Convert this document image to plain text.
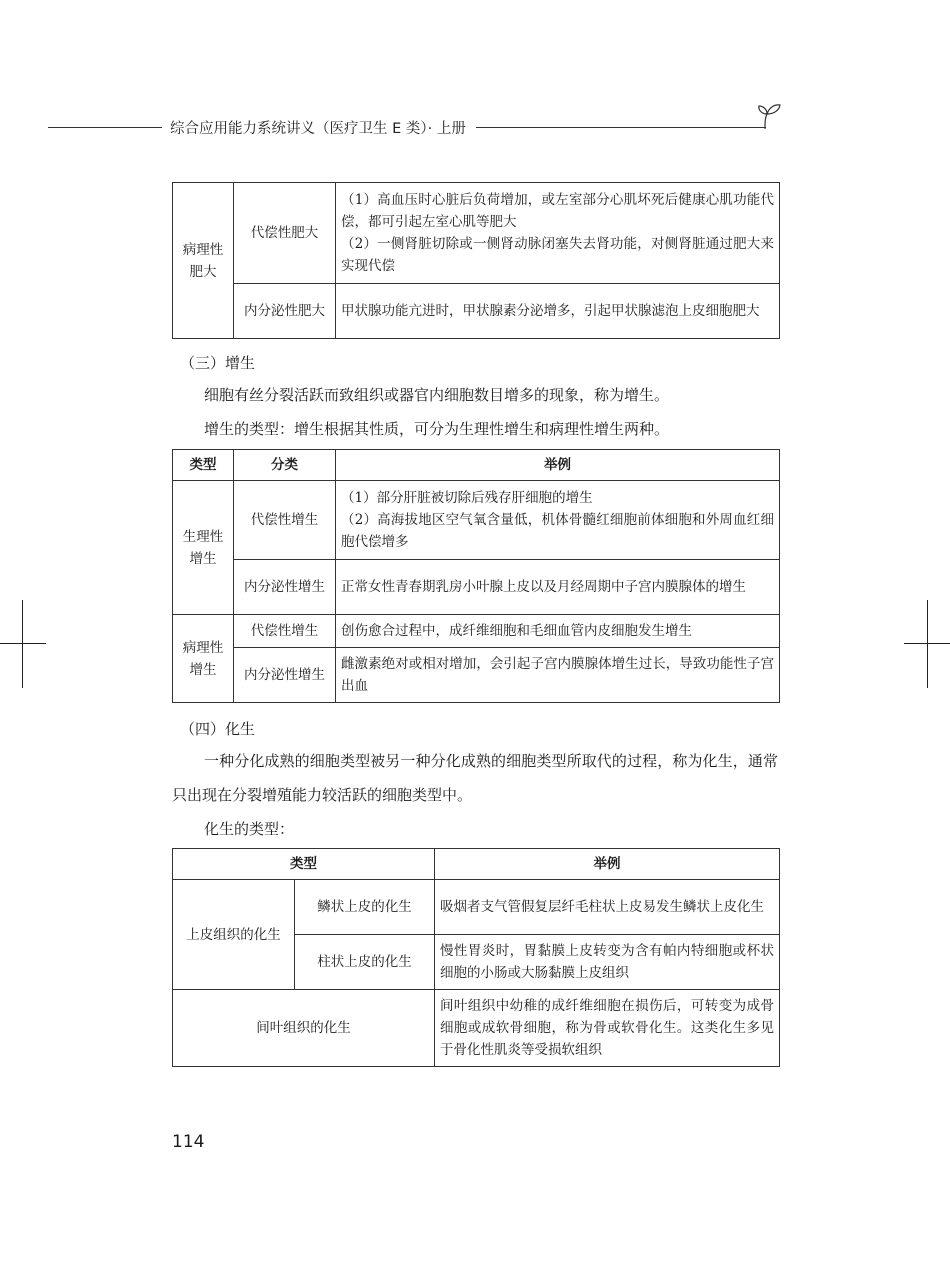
综合应用能力系统讲义（医疗卫生 E 类）· 上册
病理性
肥大	代偿性肥大	（1）高血压时心脏后负荷增加，或左室部分心肌坏死后健康心肌功能代偿，都可引起左室心肌等肥大
（2）一侧肾脏切除或一侧肾动脉闭塞失去肾功能，对侧肾脏通过肥大来实现代偿

	内分泌性肥大	甲状腺功能亢进时，甲状腺素分泌增多，引起甲状腺滤泡上皮细胞肥大
（三）增生
细胞有丝分裂活跃而致组织或器官内细胞数目增多的现象，称为增生。
增生的类型：增生根据其性质，可分为生理性增生和病理性增生两种。
类型	分类	举例
生理性
增生	代偿性增生	（1）部分肝脏被切除后残存肝细胞的增生
（2）高海拔地区空气氧含量低，机体骨髓红细胞前体细胞和外周血红细胞代偿增多

	内分泌性增生	正常女性青春期乳房小叶腺上皮以及月经周期中子宫内膜腺体的增生

病理性
增生	代偿性增生	创伤愈合过程中，成纤维细胞和毛细血管内皮细胞发生增生

	内分泌性增生	雌激素绝对或相对增加，会引起子宫内膜腺体增生过长，导致功能性子宫出血
（四）化生
一种分化成熟的细胞类型被另一种分化成熟的细胞类型所取代的过程，称为化生，通常只出现在分裂增殖能力较活跃的细胞类型中。
化生的类型：
类型		举例
上皮组织的化生	鳞状上皮的化生	吸烟者支气管假复层纤毛柱状上皮易发生鳞状上皮化生
	柱状上皮的化生	慢性胃炎时，胃黏膜上皮转变为含有帕内特细胞或杯状细胞的小肠或大肠黏膜上皮组织
间叶组织的化生		间叶组织中幼稚的成纤维细胞在损伤后，可转变为成骨细胞或成软骨细胞，称为骨或软骨化生。这类化生多见于骨化性肌炎等受损软组织
114
